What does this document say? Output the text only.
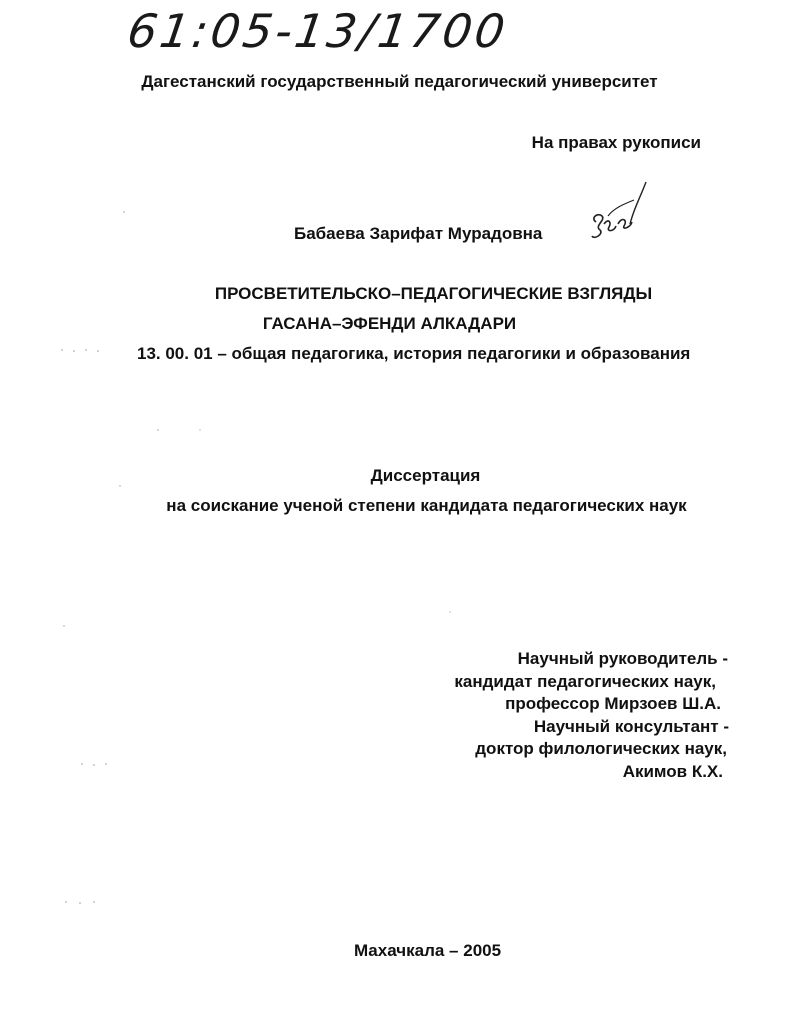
61:05-13/1700
Дагестанский государственный педагогический университет
На правах рукописи
Бабаева Зарифат Мурадовна
ПРОСВЕТИТЕЛЬСКО–ПЕДАГОГИЧЕСКИЕ ВЗГЛЯДЫ
ГАСАНА–ЭФЕНДИ АЛКАДАРИ
13. 00. 01 – общая педагогика, история педагогики и образования
Диссертация
на соискание ученой степени кандидата педагогических наук
Научный руководитель -
кандидат педагогических наук,
профессор Мирзоев Ш.А.
Научный консультант -
доктор филологических наук,
Акимов К.Х.
Махачкала – 2005
